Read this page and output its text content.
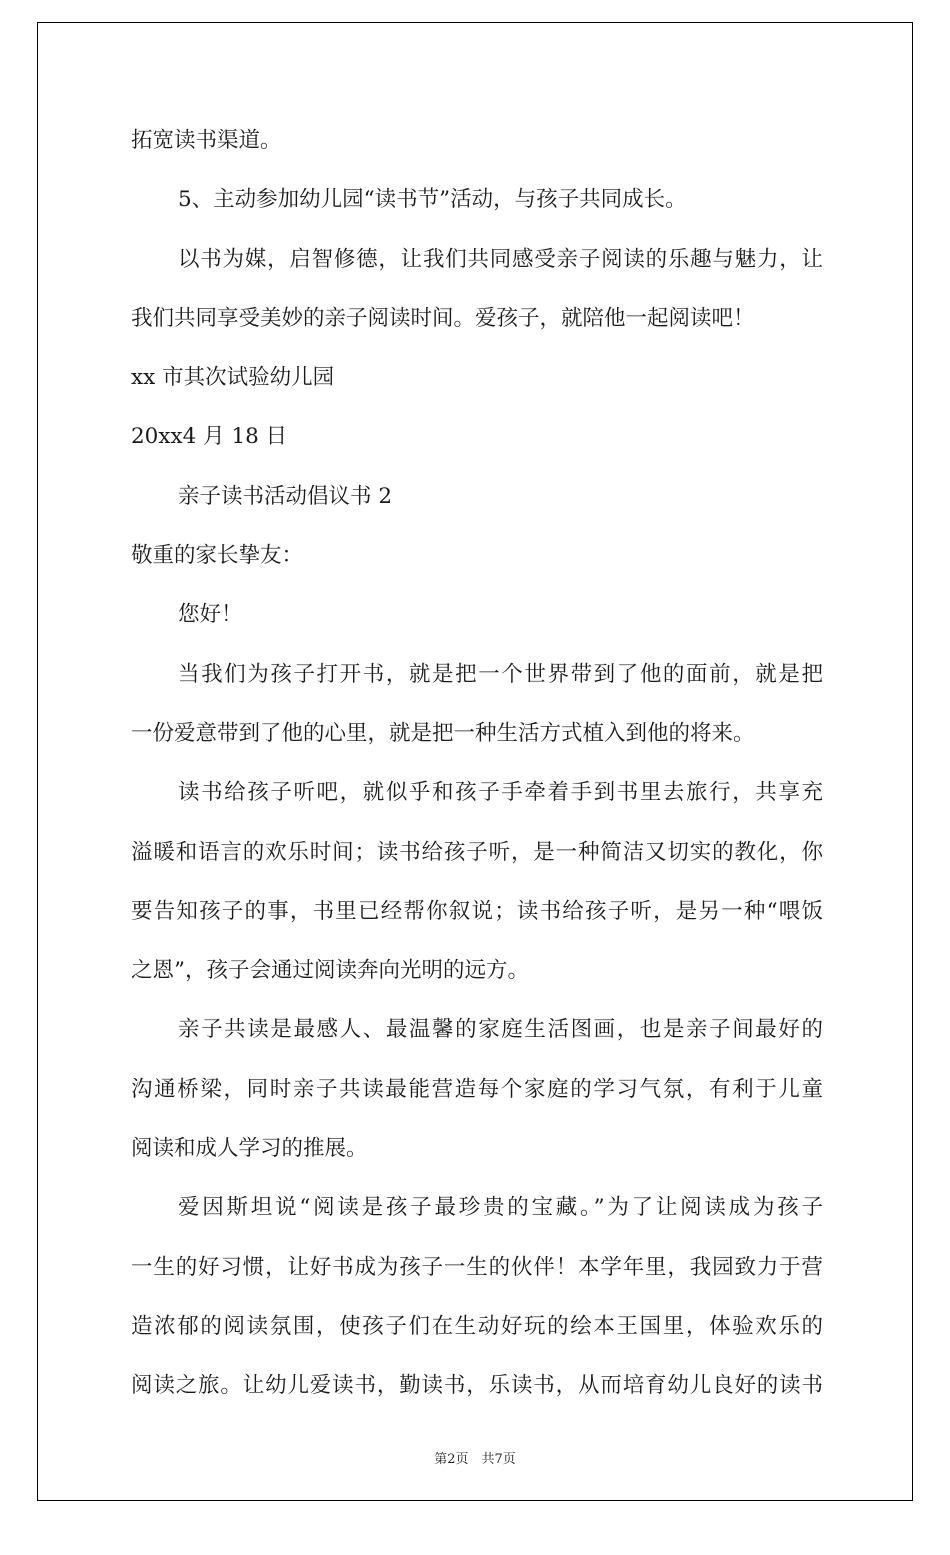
拓宽读书渠道。
5、主动参加幼儿园“读书节”活动，与孩子共同成长。
以书为媒，启智修德，让我们共同感受亲子阅读的乐趣与魅力，让
我们共同享受美妙的亲子阅读时间。爱孩子，就陪他一起阅读吧！
xx 市其次试验幼儿园
20xx4 月 18 日
亲子读书活动倡议书 2
敬重的家长挚友：
您好！
当我们为孩子打开书，就是把一个世界带到了他的面前，就是把
一份爱意带到了他的心里，就是把一种生活方式植入到他的将来。
读书给孩子听吧，就似乎和孩子手牵着手到书里去旅行，共享充
溢暖和语言的欢乐时间；读书给孩子听，是一种简洁又切实的教化，你
要告知孩子的事，书里已经帮你叙说；读书给孩子听，是另一种“喂饭
之恩”，孩子会通过阅读奔向光明的远方。
亲子共读是最感人、最温馨的家庭生活图画，也是亲子间最好的
沟通桥梁，同时亲子共读最能营造每个家庭的学习气氛，有利于儿童
阅读和成人学习的推展。
爱因斯坦说“阅读是孩子最珍贵的宝藏。”为了让阅读成为孩子
一生的好习惯，让好书成为孩子一生的伙伴！本学年里，我园致力于营
造浓郁的阅读氛围，使孩子们在生动好玩的绘本王国里，体验欢乐的
阅读之旅。让幼儿爱读书，勤读书，乐读书，从而培育幼儿良好的读书
第2页　共7页
